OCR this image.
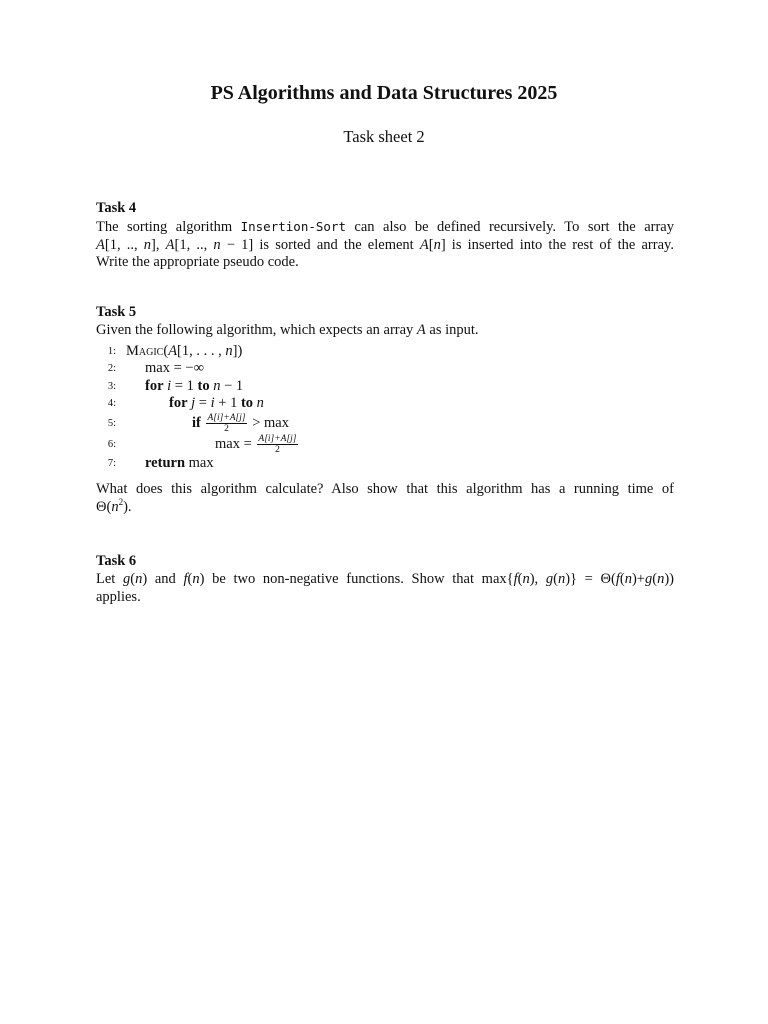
PS Algorithms and Data Structures 2025
Task sheet 2
Task 4
The sorting algorithm Insertion-Sort can also be defined recursively. To sort the array
A[1, .., n], A[1, .., n − 1] is sorted and the element A[n] is inserted into the rest of the array.
Write the appropriate pseudo code.
Task 5
Given the following algorithm, which expects an array A as input.
1: Magic(A[1, . . . , n])
2: max = −∞
3: for i = 1 to n − 1
4:	for j = i + 1 to n
5:	if $\frac{A[i]+A[j]}{2} > \max$
6:	$\max = \frac{A[i]+A[j]}{2}$
7: return max
What does this algorithm calculate? Also show that this algorithm has a running time of
$\Theta(n^2)$.
Task 6
Let g(n) and f(n) be two non-negative functions. Show that max{f(n), g(n)} = Θ(f(n)+g(n))
applies.
